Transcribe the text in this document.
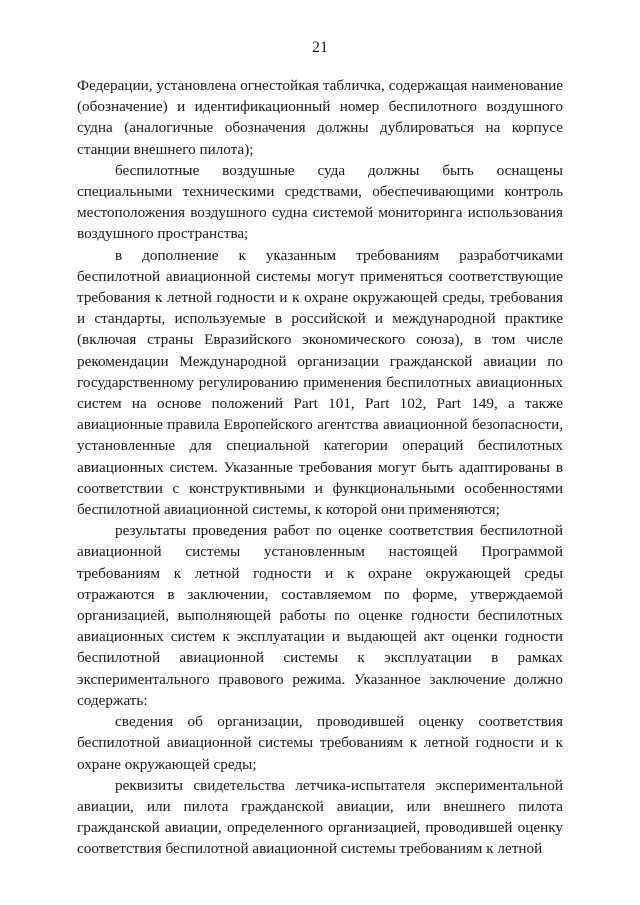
21

Федерации, установлена огнестойкая табличка, содержащая наименование (обозначение) и идентификационный номер беспилотного воздушного судна (аналогичные обозначения должны дублироваться на корпусе станции внешнего пилота);

беспилотные воздушные суда должны быть оснащены специальными техническими средствами, обеспечивающими контроль местоположения воздушного судна системой мониторинга использования воздушного пространства;

в дополнение к указанным требованиям разработчиками беспилотной авиационной системы могут применяться соответствующие требования к летной годности и к охране окружающей среды, требования и стандарты, используемые в российской и международной практике (включая страны Евразийского экономического союза), в том числе рекомендации Международной организации гражданской авиации по государственному регулированию применения беспилотных авиационных систем на основе положений Part 101, Part 102, Part 149, а также авиационные правила Европейского агентства авиационной безопасности, установленные для специальной категории операций беспилотных авиационных систем. Указанные требования могут быть адаптированы в соответствии с конструктивными и функциональными особенностями беспилотной авиационной системы, к которой они применяются;

результаты проведения работ по оценке соответствия беспилотной авиационной системы установленным настоящей Программой требованиям к летной годности и к охране окружающей среды отражаются в заключении, составляемом по форме, утверждаемой организацией, выполняющей работы по оценке годности беспилотных авиационных систем к эксплуатации и выдающей акт оценки годности беспилотной авиационной системы к эксплуатации в рамках экспериментального правового режима. Указанное заключение должно содержать:

сведения об организации, проводившей оценку соответствия беспилотной авиационной системы требованиям к летной годности и к охране окружающей среды;

реквизиты свидетельства летчика-испытателя экспериментальной авиации, или пилота гражданской авиации, или внешнего пилота гражданской авиации, определенного организацией, проводившей оценку соответствия беспилотной авиационной системы требованиям к летной
